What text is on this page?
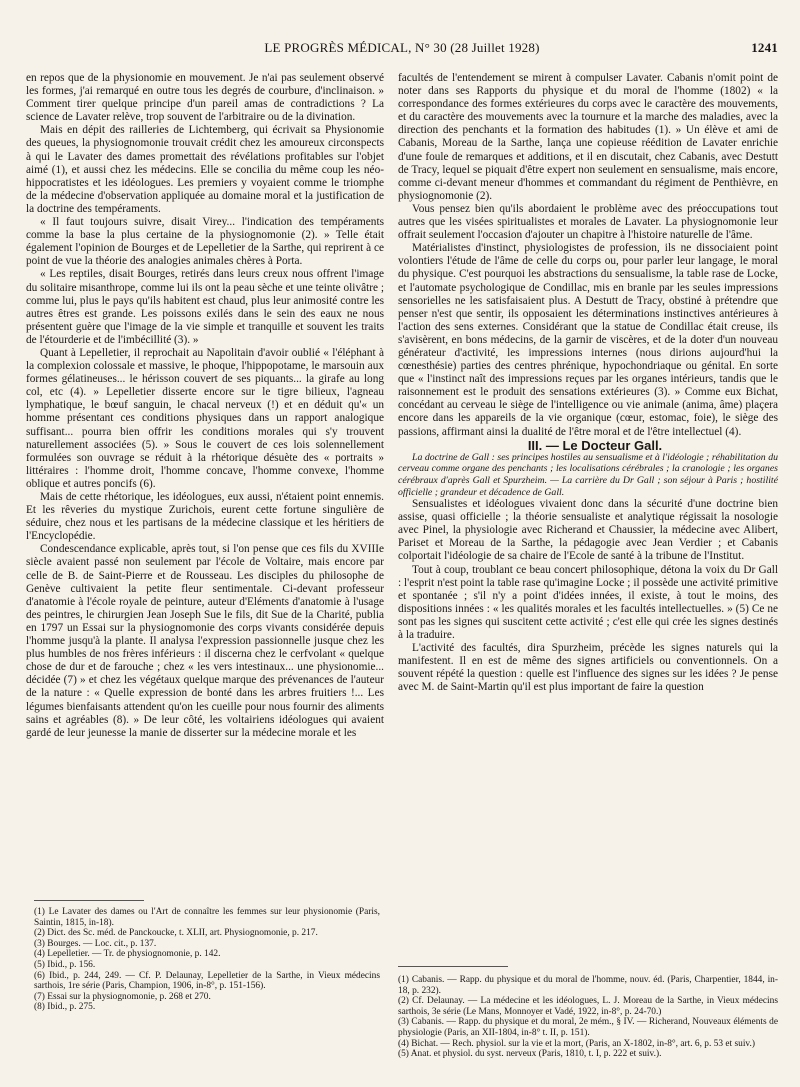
LE PROGRÈS MÉDICAL, N° 30 (28 Juillet 1928)	1241

en repos que de la physionomie en mouvement. Je n'ai pas seulement observé les formes, j'ai remarqué en outre tous les degrés de courbure, d'inclinaison. » Comment tirer quelque principe d'un pareil amas de contradictions ? La science de Lavater relève, trop souvent de l'arbitraire ou de la divination.

Mais en dépit des railleries de Lichtemberg, qui écrivait sa Physionomie des queues, la physiognomonie trouvait crédit chez les amoureux circonspects à qui le Lavater des dames promettait des révélations profitables sur l'objet aimé (1), et aussi chez les médecins. Elle se concilia du même coup les néo-hippocratistes et les idéologues. Les premiers y voyaient comme le triomphe de la médecine d'observation appliquée au domaine moral et la justification de la doctrine des tempéraments.

« Il faut toujours suivre, disait Virey... l'indication des tempéraments comme la base la plus certaine de la physiognomonie (2). » Telle était également l'opinion de Bourges et de Lepelletier de la Sarthe, qui reprirent à ce point de vue la théorie des analogies animales chères à Porta.

« Les reptiles, disait Bourges, retirés dans leurs creux nous offrent l'image du solitaire misanthrope, comme lui ils ont la peau sèche et une teinte olivâtre ; comme lui, plus le pays qu'ils habitent est chaud, plus leur animosité contre les autres êtres est grande. Les poissons exilés dans le sein des eaux ne nous présentent guère que l'image de la vie simple et tranquille et souvent les traits de l'étourderie et de l'imbécillité (3). »

Quant à Lepelletier, il reprochait au Napolitain d'avoir oublié « l'éléphant à la complexion colossale et massive, le phoque, l'hippopotame, le marsouin aux formes gélatineuses... le hérisson couvert de ses piquants... la girafe au long col, etc (4). » Lepelletier disserte encore sur le tigre bilieux, l'agneau lymphatique, le bœuf sanguin, le chacal nerveux (!) et en déduit qu'« un homme présentant ces conditions physiques dans un rapport analogique suffisant... pourra bien offrir les conditions morales qui s'y trouvent naturellement associées (5). » Sous le couvert de ces lois solennellement formulées son ouvrage se réduit à la rhétorique désuète des « portraits » littéraires : l'homme droit, l'homme concave, l'homme convexe, l'homme oblique et autres poncifs (6).

Mais de cette rhétorique, les idéologues, eux aussi, n'étaient point ennemis. Et les rêveries du mystique Zurichois, eurent cette fortune singulière de séduire, chez nous et les partisans de la médecine classique et les héritiers de l'Encyclopédie.

Condescendance explicable, après tout, si l'on pense que ces fils du XVIIIe siècle avaient passé non seulement par l'école de Voltaire, mais encore par celle de B. de Saint-Pierre et de Rousseau. Les disciples du philosophe de Genève cultivaient la petite fleur sentimentale. Ci-devant professeur d'anatomie à l'école royale de peinture, auteur d'Eléments d'anatomie à l'usage des peintres, le chirurgien Jean Joseph Sue le fils, dit Sue de la Charité, publia en 1797 un Essai sur la physiognomonie des corps vivants considérée depuis l'homme jusqu'à la plante. Il analysa l'expression passionnelle jusque chez les plus humbles de nos frères inférieurs : il discerna chez le cerfvolant « quelque chose de dur et de farouche ; chez « les vers intestinaux... une physionomie... décidée (7) » et chez les végétaux quelque marque des prévenances de l'auteur de la nature : « Quelle expression de bonté dans les arbres fruitiers !... Les légumes bienfaisants attendent qu'on les cueille pour nous fournir des aliments sains et agréables (8). » De leur côté, les voltairiens idéologues qui avaient gardé de leur jeunesse la manie de disserter sur la médecine morale et les

facultés de l'entendement se mirent à compulser Lavater. Cabanis n'omit point de noter dans ses Rapports du physique et du moral de l'homme (1802) « la correspondance des formes extérieures du corps avec le caractère des mouvements, et du caractère des mouvements avec la tournure et la marche des maladies, avec la direction des penchants et la formation des habitudes (1). » Un élève et ami de Cabanis, Moreau de la Sarthe, lança une copieuse réédition de Lavater enrichie d'une foule de remarques et additions, et il en discutait, chez Cabanis, avec Destutt de Tracy, lequel se piquait d'être expert non seulement en sensualisme, mais encore, comme ci-devant meneur d'hommes et commandant du régiment de Penthièvre, en physiognomonie (2).

Vous pensez bien qu'ils abordaient le problème avec des préoccupations tout autres que les visées spiritualistes et morales de Lavater. La physiognomonie leur offrait seulement l'occasion d'ajouter un chapitre à l'histoire naturelle de l'âme.

Matérialistes d'instinct, physiologistes de profession, ils ne dissociaient point volontiers l'étude de l'âme de celle du corps ou, pour parler leur langage, le moral du physique. C'est pourquoi les abstractions du sensualisme, la table rase de Locke, et l'automate psychologique de Condillac, mis en branle par les seules impressions sensorielles ne les satisfaisaient plus. A Destutt de Tracy, obstiné à prétendre que penser n'est que sentir, ils opposaient les déterminations instinctives antérieures à l'action des sens externes. Considérant que la statue de Condillac était creuse, ils s'avisèrent, en bons médecins, de la garnir de viscères, et de la doter d'un nouveau générateur d'activité, les impressions internes (nous dirions aujourd'hui la cœnesthésie) parties des centres phrénique, hypochondriaque ou génital. En sorte que « l'instinct naît des impressions reçues par les organes intérieurs, tandis que le raisonnement est le produit des sensations extérieures (3). » Comme eux Bichat, concédant au cerveau le siège de l'intelligence ou vie animale (anima, âme) plaçera encore dans les appareils de la vie organique (cœur, estomac, foie), le siège des passions, affirmant ainsi la dualité de l'être moral et de l'être intellectuel (4).

III. — Le Docteur Gall.

La doctrine de Gall : ses principes hostiles au sensualisme et à l'idéologie ; réhabilitation du cerveau comme organe des penchants ; les localisations cérébrales ; la cranologie ; les organes cérébraux d'après Gall et Spurzheim. — La carrière du Dr Gall ; son séjour à Paris ; hostilité officielle ; grandeur et décadence de Gall.

Sensualistes et idéologues vivaient donc dans la sécurité d'une doctrine bien assise, quasi officielle ; la théorie sensualiste et analytique régissait la nosologie avec Pinel, la physiologie avec Richerand et Chaussier, la médecine avec Alibert, Pariset et Moreau de la Sarthe, la pédagogie avec Jean Verdier ; et Cabanis colportait l'idéologie de sa chaire de l'Ecole de santé à la tribune de l'Institut.

Tout à coup, troublant ce beau concert philosophique, détona la voix du Dr Gall : l'esprit n'est point la table rase qu'imagine Locke ; il possède une activité primitive et spontanée ; s'il n'y a point d'idées innées, il existe, à tout le moins, des dispositions innées : « les qualités morales et les facultés intellectuelles. » (5) Ce ne sont pas les signes qui suscitent cette activité ; c'est elle qui crée les signes destinés à la traduire.

L'activité des facultés, dira Spurzheim, précède les signes naturels qui la manifestent. Il en est de même des signes artificiels ou conventionnels. On a souvent répété la question : quelle est l'influence des signes sur les idées ? Je pense avec M. de Saint-Martin qu'il est plus important de faire la question

(1) Le Lavater des dames ou l'Art de connaître les femmes sur leur physionomie (Paris, Saintin, 1815, in-18).
(2) Dict. des Sc. méd. de Panckoucke, t. XLII, art. Physiognomonie, p. 217.
(3) Bourges. — Loc. cit., p. 137.
(4) Lepelletier. — Tr. de physiognomonie, p. 142.
(5) Ibid., p. 156.
(6) Ibid., p. 244, 249. — Cf. P. Delaunay, Lepelletier de la Sarthe, in Vieux médecins sarthois, 1re série (Paris, Champion, 1906, in-8°, p. 151-156).
(7) Essai sur la physiognomonie, p. 268 et 270.
(8) Ibid., p. 275.
(1) Cabanis. — Rapp. du physique et du moral de l'homme, nouv. éd. (Paris, Charpentier, 1844, in-18, p. 232).
(2) Cf. Delaunay. — La médecine et les idéologues, L. J. Moreau de la Sarthe, in Vieux médecins sarthois, 3e série (Le Mans, Monnoyer et Vadé, 1922, in-8°, p. 24-70.)
(3) Cabanis. — Rapp. du physique et du moral, 2e mém., § IV. — Richerand, Nouveaux éléments de physiologie (Paris, an XII-1804, in-8° t. II, p. 151).
(4) Bichat. — Rech. physiol. sur la vie et la mort, (Paris, an X-1802, in-8°, art. 6, p. 53 et suiv.)
(5) Anat. et physiol. du syst. nerveux (Paris, 1810, t. I, p. 222 et suiv.).
